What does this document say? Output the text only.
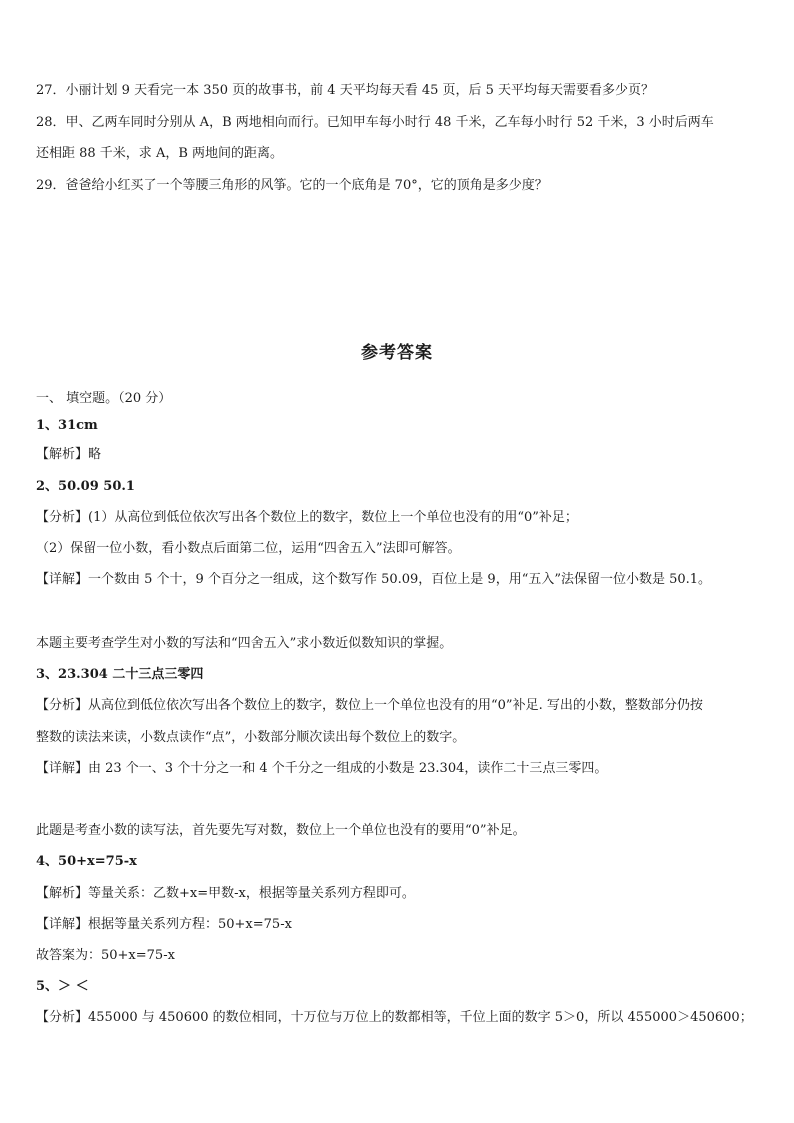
27．小丽计划 9 天看完一本 350 页的故事书，前 4 天平均每天看 45 页，后 5 天平均每天需要看多少页？
28．甲、乙两车同时分别从 A，B 两地相向而行。已知甲车每小时行 48 千米，乙车每小时行 52 千米，3 小时后两车
还相距 88 千米，求 A，B 两地间的距离。
29．爸爸给小红买了一个等腰三角形的风筝。它的一个底角是 70°，它的顶角是多少度？
参考答案
一、 填空题。（20 分）
1、31cm
【解析】略
2、50.09 50.1
【分析】(1）从高位到低位依次写出各个数位上的数字，数位上一个单位也没有的用“0”补足；
（2）保留一位小数，看小数点后面第二位，运用“四舍五入”法即可解答。
【详解】一个数由 5 个十，9 个百分之一组成，这个数写作 50.09，百位上是 9，用“五入”法保留一位小数是 50.1。
本题主要考查学生对小数的写法和“四舍五入”求小数近似数知识的掌握。
3、23.304 二十三点三零四
【分析】从高位到低位依次写出各个数位上的数字，数位上一个单位也没有的用“0”补足. 写出的小数，整数部分仍按
整数的读法来读，小数点读作“点”，小数部分顺次读出每个数位上的数字。
【详解】由 23 个一、3 个十分之一和 4 个千分之一组成的小数是 23.304，读作二十三点三零四。
此题是考查小数的读写法，首先要先写对数，数位上一个单位也没有的要用“0”补足。
4、50+x=75-x
【解析】等量关系：乙数+x=甲数-x，根据等量关系列方程即可。
【详解】根据等量关系列方程：50+x=75-x
故答案为：50+x=75-x
5、＞ ＜
【分析】455000 与 450600 的数位相同，十万位与万位上的数都相等，千位上面的数字 5＞0，所以 455000＞450600；
